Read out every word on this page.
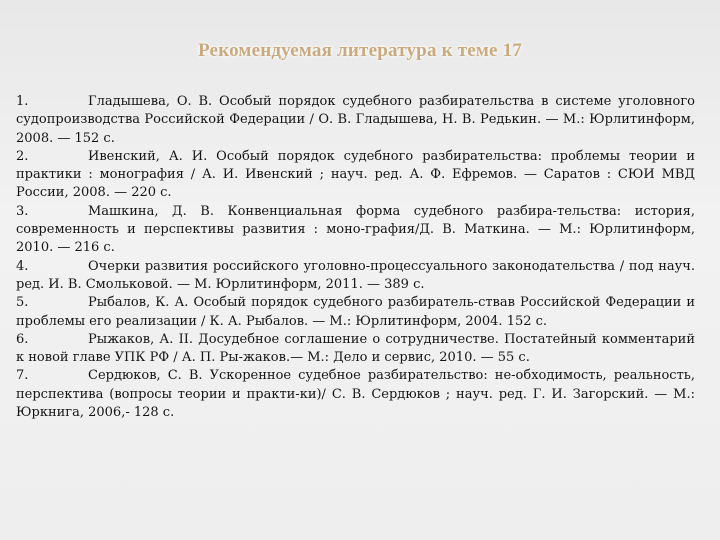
Рекомендуемая литература к теме 17
1.	Гладышева, О. В. Особый порядок судебного разбирательства в системе уголовного судопроизводства Российской Федерации / О. В. Гладышева, Н. В. Редькин. — М.: Юрлитинформ, 2008. — 152 с.
2.	Ивенский, А. И. Особый порядок судебного разбирательства: проблемы теории и практики : монография / А. И. Ивенский ; науч. ред. А. Ф. Ефремов. — Саратов : СЮИ МВД России, 2008. — 220 с.
3.	Машкина, Д. В. Конвенциальная форма судебного разбира-тельства: история, современность и перспективы развития : моно-графия/Д. В. Маткина. — М.: Юрлитинформ, 2010. — 216 с.
4.	Очерки развития российского уголовно-процессуального законодательства / под науч. ред. И. В. Смольковой. — М. Юрлитинформ, 2011. — 389 с.
5.	Рыбалов, К. А. Особый порядок судебного разбиратель-ствав Российской Федерации и проблемы его реализации / К. А. Рыбалов. — М.: Юрлитинформ, 2004. 152 с.
6.	Рыжаков, А. II. Досудебное соглашение о сотрудничестве. Постатейный комментарий к новой главе УПК РФ / А. П. Ры-жаков.— М.: Дело и сервис, 2010. — 55 с.
7.	Сердюков, С. В. Ускоренное судебное разбирательство: не-обходимость, реальность, перспектива (вопросы теории и практи-ки)/ С. В. Сердюков ; науч. ред. Г. И. Загорский. — М.: Юркнига, 2006,- 128 с.
